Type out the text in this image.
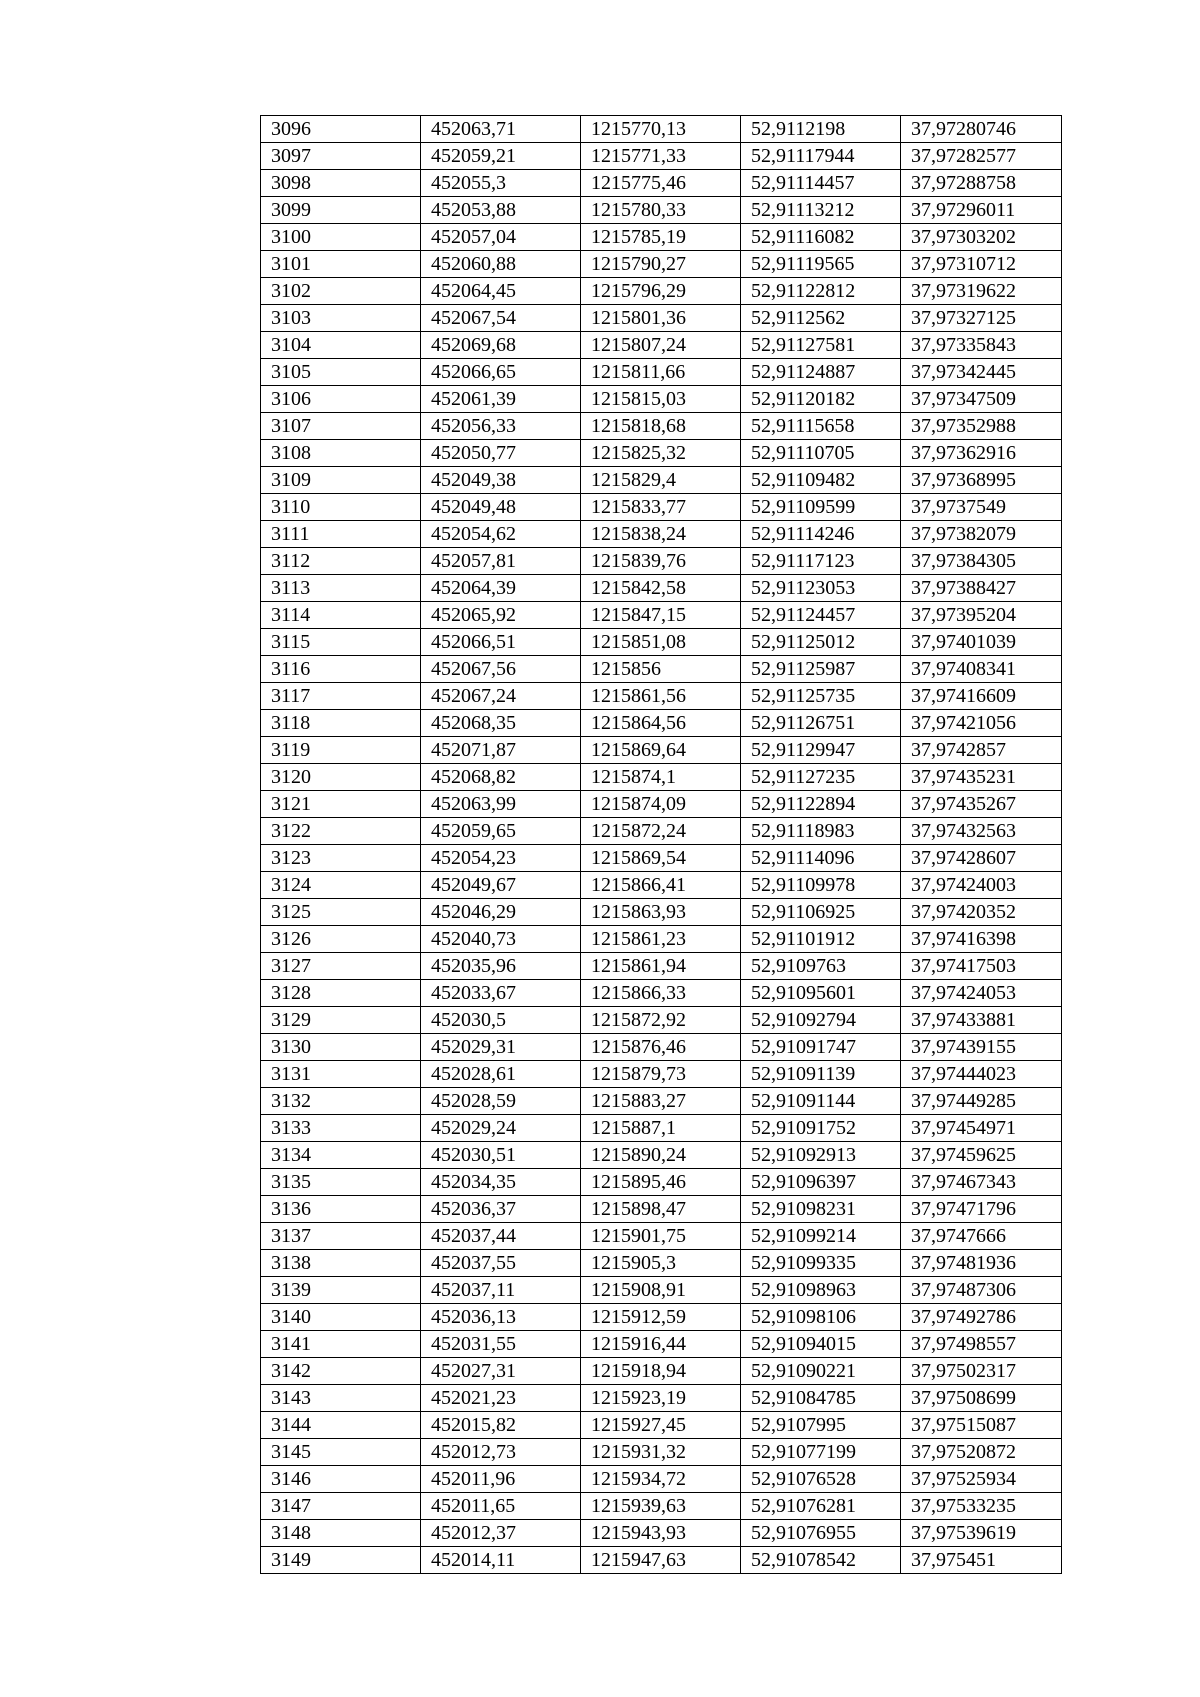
3096	452063,71	1215770,13	52,9112198	37,97280746
3097	452059,21	1215771,33	52,91117944	37,97282577
3098	452055,3	1215775,46	52,91114457	37,97288758
3099	452053,88	1215780,33	52,91113212	37,97296011
3100	452057,04	1215785,19	52,91116082	37,97303202
3101	452060,88	1215790,27	52,91119565	37,97310712
3102	452064,45	1215796,29	52,91122812	37,97319622
3103	452067,54	1215801,36	52,9112562	37,97327125
3104	452069,68	1215807,24	52,91127581	37,97335843
3105	452066,65	1215811,66	52,91124887	37,97342445
3106	452061,39	1215815,03	52,91120182	37,97347509
3107	452056,33	1215818,68	52,91115658	37,97352988
3108	452050,77	1215825,32	52,91110705	37,97362916
3109	452049,38	1215829,4	52,91109482	37,97368995
3110	452049,48	1215833,77	52,91109599	37,9737549
3111	452054,62	1215838,24	52,91114246	37,97382079
3112	452057,81	1215839,76	52,91117123	37,97384305
3113	452064,39	1215842,58	52,91123053	37,97388427
3114	452065,92	1215847,15	52,91124457	37,97395204
3115	452066,51	1215851,08	52,91125012	37,97401039
3116	452067,56	1215856	52,91125987	37,97408341
3117	452067,24	1215861,56	52,91125735	37,97416609
3118	452068,35	1215864,56	52,91126751	37,97421056
3119	452071,87	1215869,64	52,91129947	37,9742857
3120	452068,82	1215874,1	52,91127235	37,97435231
3121	452063,99	1215874,09	52,91122894	37,97435267
3122	452059,65	1215872,24	52,91118983	37,97432563
3123	452054,23	1215869,54	52,91114096	37,97428607
3124	452049,67	1215866,41	52,91109978	37,97424003
3125	452046,29	1215863,93	52,91106925	37,97420352
3126	452040,73	1215861,23	52,91101912	37,97416398
3127	452035,96	1215861,94	52,9109763	37,97417503
3128	452033,67	1215866,33	52,91095601	37,97424053
3129	452030,5	1215872,92	52,91092794	37,97433881
3130	452029,31	1215876,46	52,91091747	37,97439155
3131	452028,61	1215879,73	52,91091139	37,97444023
3132	452028,59	1215883,27	52,91091144	37,97449285
3133	452029,24	1215887,1	52,91091752	37,97454971
3134	452030,51	1215890,24	52,91092913	37,97459625
3135	452034,35	1215895,46	52,91096397	37,97467343
3136	452036,37	1215898,47	52,91098231	37,97471796
3137	452037,44	1215901,75	52,91099214	37,9747666
3138	452037,55	1215905,3	52,91099335	37,97481936
3139	452037,11	1215908,91	52,91098963	37,97487306
3140	452036,13	1215912,59	52,91098106	37,97492786
3141	452031,55	1215916,44	52,91094015	37,97498557
3142	452027,31	1215918,94	52,91090221	37,97502317
3143	452021,23	1215923,19	52,91084785	37,97508699
3144	452015,82	1215927,45	52,9107995	37,97515087
3145	452012,73	1215931,32	52,91077199	37,97520872
3146	452011,96	1215934,72	52,91076528	37,97525934
3147	452011,65	1215939,63	52,91076281	37,97533235
3148	452012,37	1215943,93	52,91076955	37,97539619
3149	452014,11	1215947,63	52,91078542	37,975451
